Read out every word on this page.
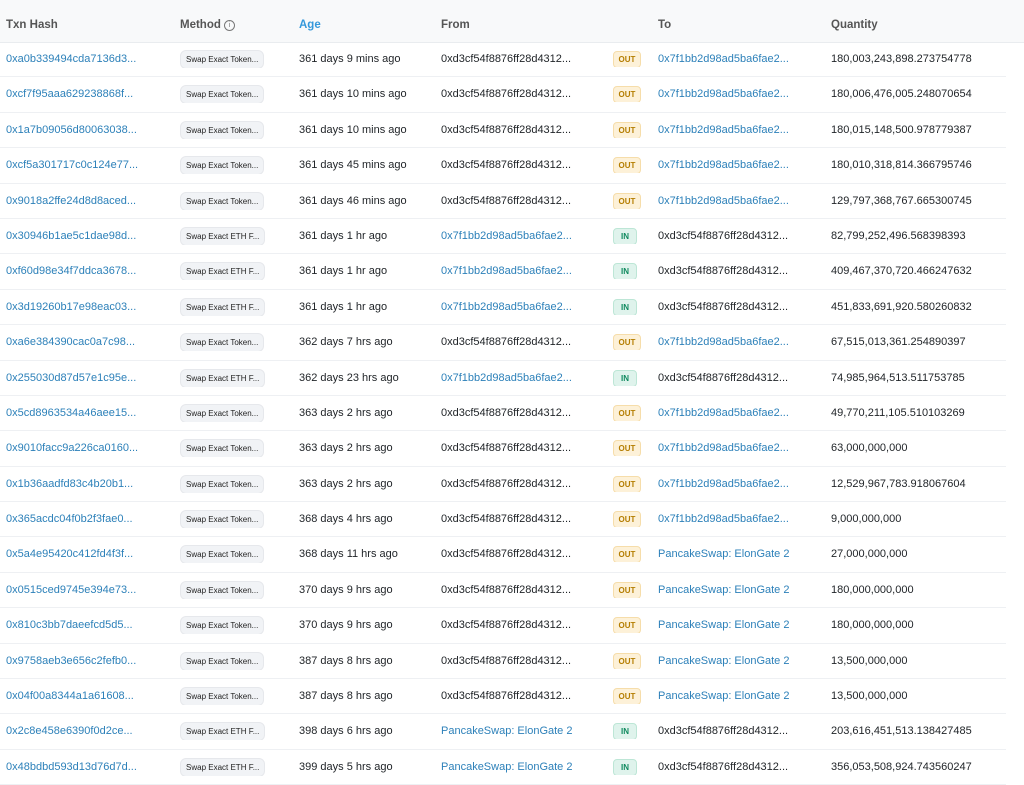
Txn Hash	Method i	Age	From	To	Quantity
0xa0b339494cda7136d3...	Swap Exact Token...	361 days 9 mins ago	0xd3cf54f8876ff28d4312...	OUT	0x7f1bb2d98ad5ba6fae2...	180,003,243,898.273754778
0xcf7f95aaa629238868f...	Swap Exact Token...	361 days 10 mins ago	0xd3cf54f8876ff28d4312...	OUT	0x7f1bb2d98ad5ba6fae2...	180,006,476,005.248070654
0x1a7b09056d80063038...	Swap Exact Token...	361 days 10 mins ago	0xd3cf54f8876ff28d4312...	OUT	0x7f1bb2d98ad5ba6fae2...	180,015,148,500.978779387
0xcf5a301717c0c124e77...	Swap Exact Token...	361 days 45 mins ago	0xd3cf54f8876ff28d4312...	OUT	0x7f1bb2d98ad5ba6fae2...	180,010,318,814.366795746
0x9018a2ffe24d8d8aced...	Swap Exact Token...	361 days 46 mins ago	0xd3cf54f8876ff28d4312...	OUT	0x7f1bb2d98ad5ba6fae2...	129,797,368,767.665300745
0x30946b1ae5c1dae98d...	Swap Exact ETH F...	361 days 1 hr ago	0x7f1bb2d98ad5ba6fae2...	IN	0xd3cf54f8876ff28d4312...	82,799,252,496.568398393
0xf60d98e34f7ddca3678...	Swap Exact ETH F...	361 days 1 hr ago	0x7f1bb2d98ad5ba6fae2...	IN	0xd3cf54f8876ff28d4312...	409,467,370,720.466247632
0x3d19260b17e98eac03...	Swap Exact ETH F...	361 days 1 hr ago	0x7f1bb2d98ad5ba6fae2...	IN	0xd3cf54f8876ff28d4312...	451,833,691,920.580260832
0xa6e384390cac0a7c98...	Swap Exact Token...	362 days 7 hrs ago	0xd3cf54f8876ff28d4312...	OUT	0x7f1bb2d98ad5ba6fae2...	67,515,013,361.254890397
0x255030d87d57e1c95e...	Swap Exact ETH F...	362 days 23 hrs ago	0x7f1bb2d98ad5ba6fae2...	IN	0xd3cf54f8876ff28d4312...	74,985,964,513.511753785
0x5cd8963534a46aee15...	Swap Exact Token...	363 days 2 hrs ago	0xd3cf54f8876ff28d4312...	OUT	0x7f1bb2d98ad5ba6fae2...	49,770,211,105.510103269
0x9010facc9a226ca0160...	Swap Exact Token...	363 days 2 hrs ago	0xd3cf54f8876ff28d4312...	OUT	0x7f1bb2d98ad5ba6fae2...	63,000,000,000
0x1b36aadfd83c4b20b1...	Swap Exact Token...	363 days 2 hrs ago	0xd3cf54f8876ff28d4312...	OUT	0x7f1bb2d98ad5ba6fae2...	12,529,967,783.918067604
0x365acdc04f0b2f3fae0...	Swap Exact Token...	368 days 4 hrs ago	0xd3cf54f8876ff28d4312...	OUT	0x7f1bb2d98ad5ba6fae2...	9,000,000,000
0x5a4e95420c412fd4f3f...	Swap Exact Token...	368 days 11 hrs ago	0xd3cf54f8876ff28d4312...	OUT	PancakeSwap: ElonGate 2	27,000,000,000
0x0515ced9745e394e73...	Swap Exact Token...	370 days 9 hrs ago	0xd3cf54f8876ff28d4312...	OUT	PancakeSwap: ElonGate 2	180,000,000,000
0x810c3bb7daeefcd5d5...	Swap Exact Token...	370 days 9 hrs ago	0xd3cf54f8876ff28d4312...	OUT	PancakeSwap: ElonGate 2	180,000,000,000
0x9758aeb3e656c2fefb0...	Swap Exact Token...	387 days 8 hrs ago	0xd3cf54f8876ff28d4312...	OUT	PancakeSwap: ElonGate 2	13,500,000,000
0x04f00a8344a1a61608...	Swap Exact Token...	387 days 8 hrs ago	0xd3cf54f8876ff28d4312...	OUT	PancakeSwap: ElonGate 2	13,500,000,000
0x2c8e458e6390f0d2ce...	Swap Exact ETH F...	398 days 6 hrs ago	PancakeSwap: ElonGate 2	IN	0xd3cf54f8876ff28d4312...	203,616,451,513.138427485
0x48bdbd593d13d76d7d...	Swap Exact ETH F...	399 days 5 hrs ago	PancakeSwap: ElonGate 2	IN	0xd3cf54f8876ff28d4312...	356,053,508,924.743560247
